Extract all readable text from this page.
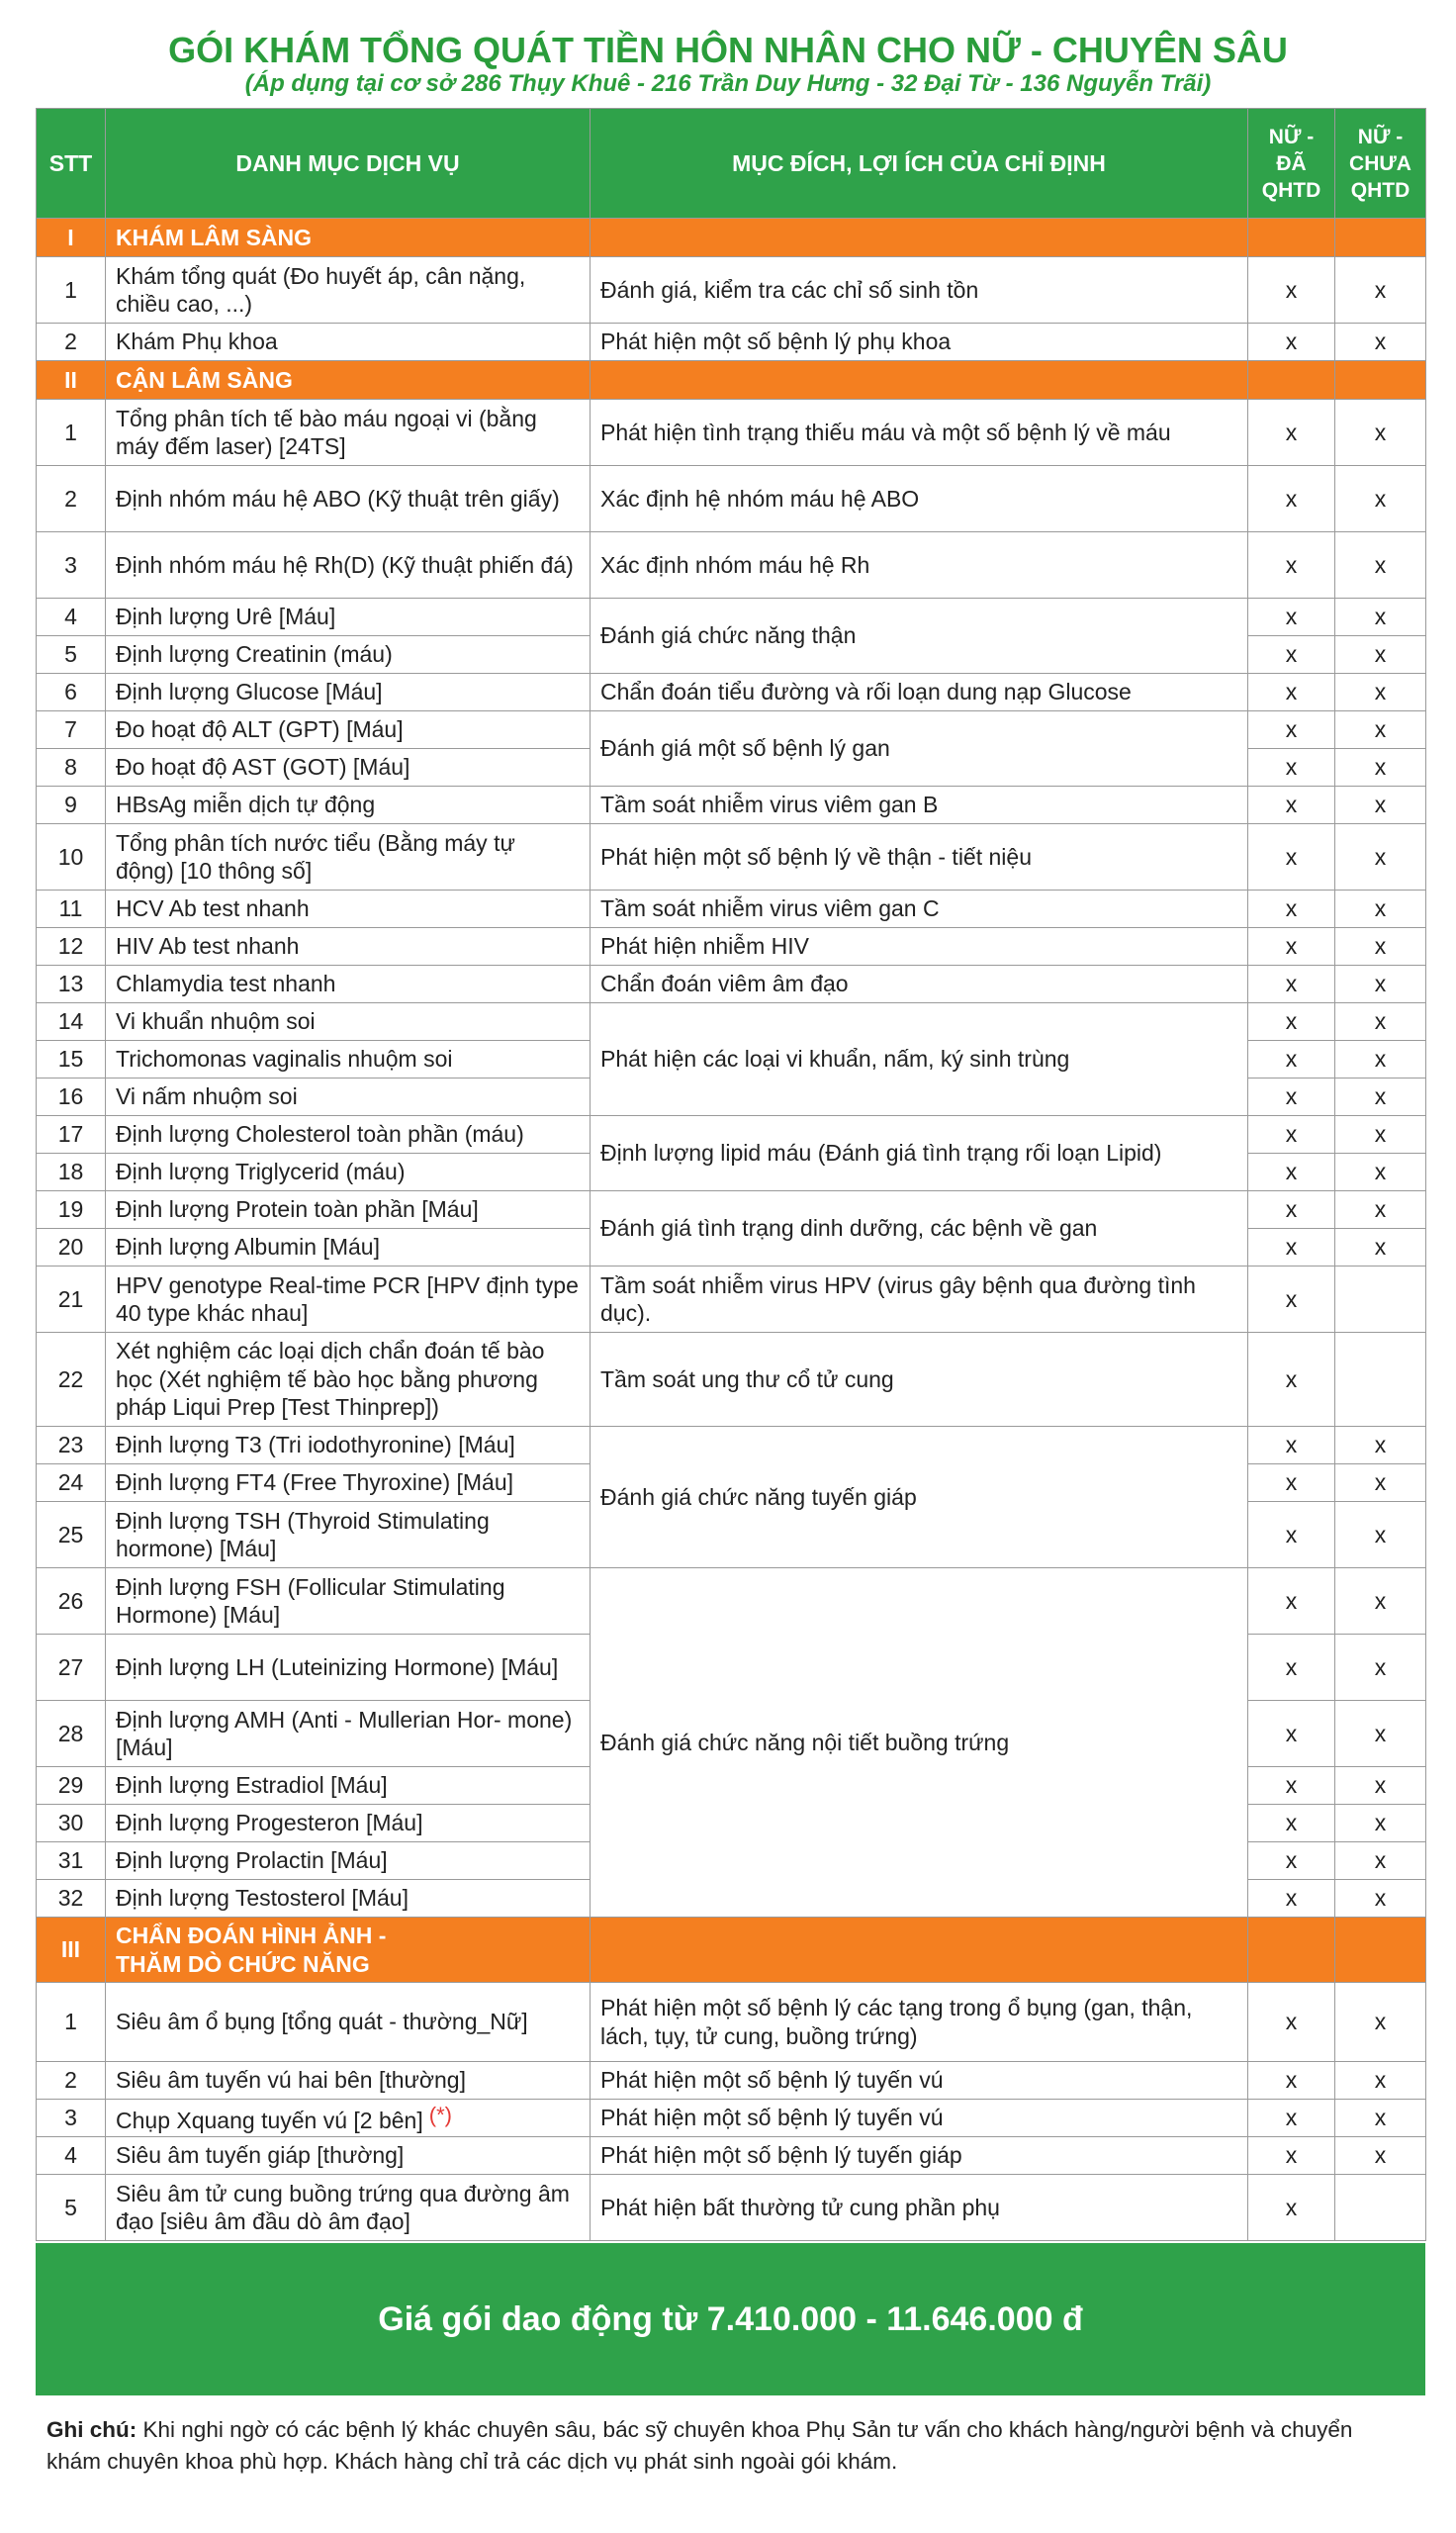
GÓI KHÁM TỔNG QUÁT TIỀN HÔN NHÂN CHO NỮ - CHUYÊN SÂU
(Áp dụng tại cơ sở 286 Thụy Khuê - 216 Trần Duy Hưng - 32 Đại Từ - 136 Nguyễn Trãi)
STT	DANH MỤC DỊCH VỤ	MỤC ĐÍCH, LỢI ÍCH CỦA CHỈ ĐỊNH	NỮ - ĐÃ QHTD	NỮ - CHƯA QHTD
I	KHÁM LÂM SÀNG			
1	Khám tổng quát (Đo huyết áp, cân nặng, chiều cao, ...)	Đánh giá, kiểm tra các chỉ số sinh tồn	x	x
2	Khám Phụ khoa	Phát hiện một số bệnh lý phụ khoa	x	x
II	CẬN LÂM SÀNG			
1	Tổng phân tích tế bào máu ngoại vi (bằng máy đếm laser) [24TS]	Phát hiện tình trạng thiếu máu và một số bệnh lý về máu	x	x
2	Định nhóm máu hệ ABO (Kỹ thuật trên giấy)	Xác định hệ nhóm máu hệ ABO	x	x
3	Định nhóm máu hệ Rh(D) (Kỹ thuật phiến đá)	Xác định nhóm máu hệ Rh	x	x
4	Định lượng Urê [Máu]	Đánh giá chức năng thận	x	x
5	Định lượng Creatinin (máu)		x	x
6	Định lượng Glucose [Máu]	Chẩn đoán tiểu đường và rối loạn dung nạp Glucose	x	x
7	Đo hoạt độ ALT (GPT) [Máu]	Đánh giá một số bệnh lý gan	x	x
8	Đo hoạt độ AST (GOT) [Máu]		x	x
9	HBsAg miễn dịch tự động	Tầm soát nhiễm virus viêm gan B	x	x
10	Tổng phân tích nước tiểu (Bằng máy tự động) [10 thông số]	Phát hiện một số bệnh lý về thận - tiết niệu	x	x
11	HCV Ab test nhanh	Tầm soát nhiễm virus viêm gan C	x	x
12	HIV Ab test nhanh	Phát hiện nhiễm HIV	x	x
13	Chlamydia test nhanh	Chẩn đoán viêm âm đạo	x	x
14	Vi khuẩn nhuộm soi	Phát hiện các loại vi khuẩn, nấm, ký sinh trùng	x	x
15	Trichomonas vaginalis nhuộm soi		x	x
16	Vi nấm nhuộm soi		x	x
17	Định lượng Cholesterol toàn phần (máu)	Định lượng lipid máu (Đánh giá tình trạng rối loạn Lipid)	x	x
18	Định lượng Triglycerid (máu)		x	x
19	Định lượng Protein toàn phần [Máu]	Đánh giá tình trạng dinh dưỡng, các bệnh về gan	x	x
20	Định lượng Albumin [Máu]		x	x
21	HPV genotype Real-time PCR [HPV định type 40 type khác nhau]	Tầm soát nhiễm virus HPV (virus gây bệnh qua đường tình dục).	x	
22	Xét nghiệm các loại dịch chẩn đoán tế bào học (Xét nghiệm tế bào học bằng phương pháp Liqui Prep [Test Thinprep])	Tầm soát ung thư cổ tử cung	x	
23	Định lượng T3 (Tri iodothyronine) [Máu]	Đánh giá chức năng tuyến giáp	x	x
24	Định lượng FT4 (Free Thyroxine) [Máu]		x	x
25	Định lượng TSH (Thyroid Stimulating hormone) [Máu]		x	x
26	Định lượng FSH (Follicular Stimulating Hormone) [Máu]	Đánh giá chức năng nội tiết buồng trứng	x	x
27	Định lượng LH (Luteinizing Hormone) [Máu]		x	x
28	Định lượng AMH (Anti - Mullerian Hor- mone) [Máu]		x	x
29	Định lượng Estradiol [Máu]		x	x
30	Định lượng Progesteron [Máu]		x	x
31	Định lượng Prolactin [Máu]		x	x
32	Định lượng Testosterol [Máu]		x	x
III	CHẨN ĐOÁN HÌNH ẢNH -
THĂM DÒ CHỨC NĂNG			
1	Siêu âm ổ bụng [tổng quát - thường_Nữ]	Phát hiện một số bệnh lý các tạng trong ổ bụng (gan, thận, lách, tụy, tử cung, buồng trứng)	x	x
2	Siêu âm tuyến vú hai bên [thường]	Phát hiện một số bệnh lý tuyến vú	x	x
3	Chụp Xquang tuyến vú [2 bên] (*)	Phát hiện một số bệnh lý tuyến vú	x	x
4	Siêu âm tuyến giáp [thường]	Phát hiện một số bệnh lý tuyến giáp	x	x
5	Siêu âm tử cung buồng trứng qua đường âm đạo [siêu âm đầu dò âm đạo]	Phát hiện bất thường tử cung phần phụ	x	
Giá gói dao động từ 7.410.000 - 11.646.000 đ
Ghi chú: Khi nghi ngờ có các bệnh lý khác chuyên sâu, bác sỹ chuyên khoa Phụ Sản tư vấn cho khách hàng/người bệnh và chuyển khám chuyên khoa phù hợp. Khách hàng chỉ trả các dịch vụ phát sinh ngoài gói khám.
